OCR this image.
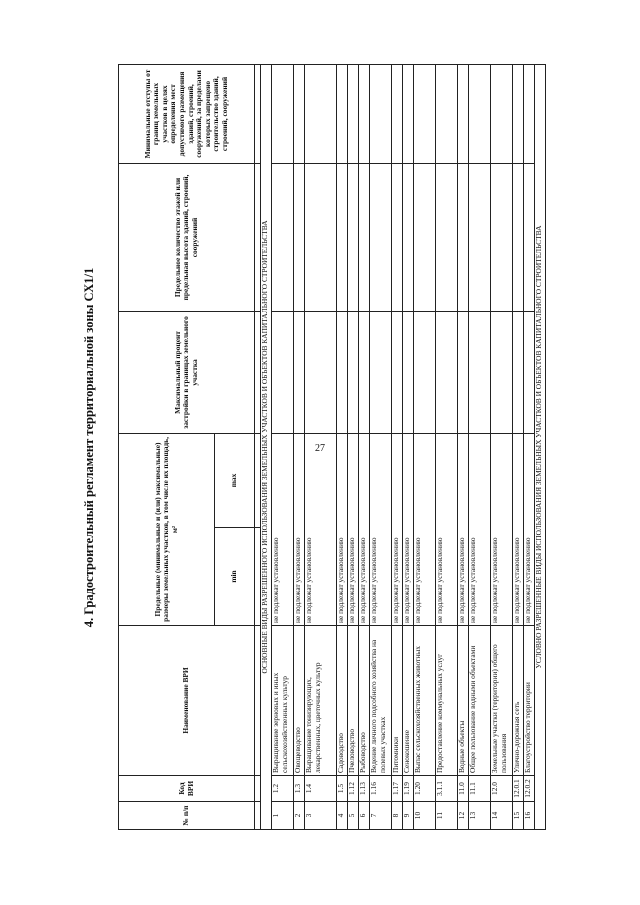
27
4. Градостроительный регламент территориальной зоны СХ1/1
№ п/п	Код ВРИ	Наименование ВРИ	Предельные (минимальные и (или) максимальные) размеры земельных участков, в том числе их площадь, м²		Максимальный процент застройки в границах земельного участка	Предельное количество этажей или предельная высота зданий, строений, сооружений	Минимальные отступы от границ земельных участков в целях определения мест допустимого размещения зданий, строений, сооружений, за пределами которых запрещено строительство зданий, строений, сооружений
			min	max			

ОСНОВНЫЕ ВИДЫ РАЗРЕШЕННОГО ИСПОЛЬЗОВАНИЯ ЗЕМЕЛЬНЫХ УЧАСТКОВ И ОБЪЕКТОВ КАПИТАЛЬНОГО СТРОИТЕЛЬСТВА							
1	1.2	Выращивание зерновых и иных сельскохозяйственных культур	не подлежат установлению				
2	1.3	Овощеводство	не подлежат установлению				
3	1.4	Выращивание тонизирующих, лекарственных, цветочных культур	не подлежат установлению				
4	1.5	Садоводство	не подлежат установлению				
5	1.12	Пчеловодство	не подлежат установлению				
6	1.13	Рыбоводство	не подлежат установлению				
7	1.16	Ведение личного подсобного хозяйства на полевых участках	не подлежат установлению				
8	1.17	Питомники	не подлежат установлению				
9	1.19	Сенокошение	не подлежат установлению				
10	1.20	Выпас сельскохозяйственных животных	не подлежат установлению				
11	3.1.1	Предоставление коммунальных услуг	не подлежат установлению				
12	11.0	Водные объекты	не подлежат установлению				
13	11.1	Общее пользование водными объектами	не подлежат установлению				
14	12.0	Земельные участки (территории) общего пользования	не подлежат установлению				
15	12.0.1	Улично-дорожная сеть	не подлежат установлению				
16	12.0.2	Благоустройство территории	не подлежат установлению				
УСЛОВНО РАЗРЕШЕННЫЕ ВИДЫ ИСПОЛЬЗОВАНИЯ ЗЕМЕЛЬНЫХ УЧАСТКОВ И ОБЪЕКТОВ КАПИТАЛЬНОГО СТРОИТЕЛЬСТВА							
